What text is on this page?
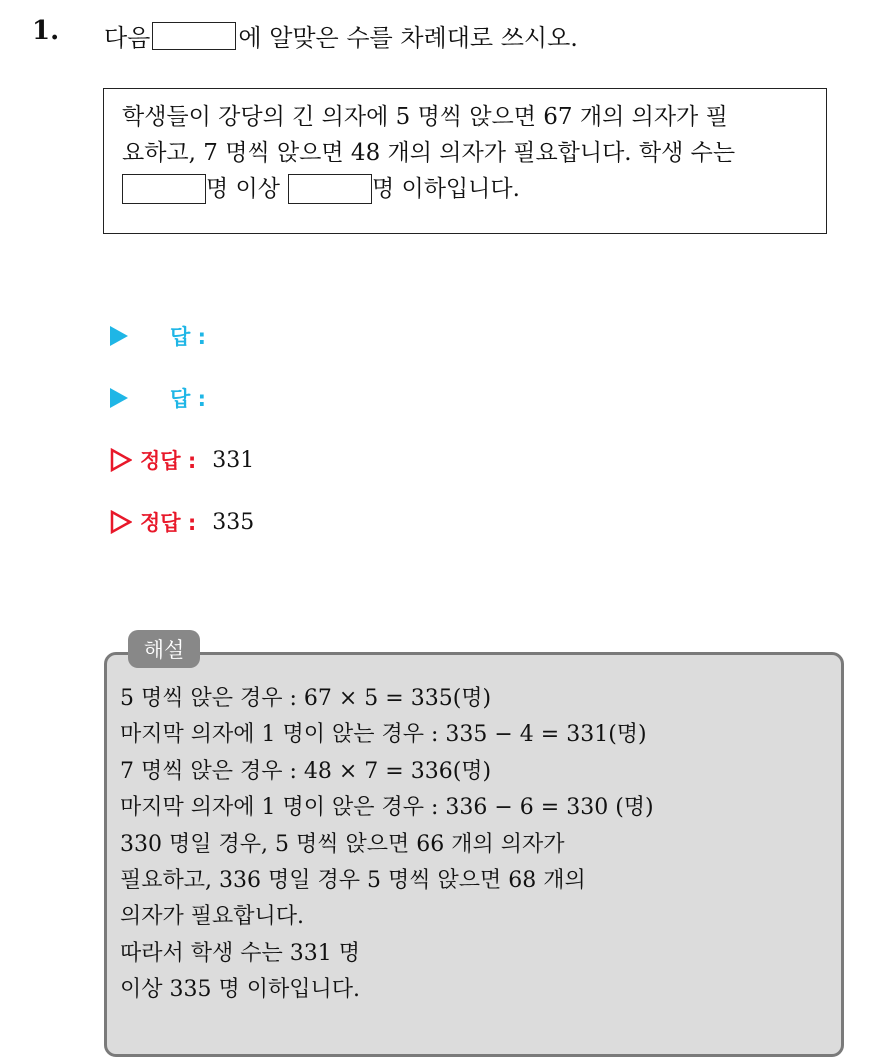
1. 다음	에 알맞은 수를 차례대로 쓰시오.
학생들이 강당의 긴 의자에 5 명씩 앉으면 67 개의 의자가 필
요하고, 7 명씩 앉으면 48 개의 의자가 필요합니다. 학생 수는
명 이상	명 이하입니다.
답 :
답 :
정답 : 331
정답 : 335
해설
5 명씩 앉은 경우 : 67 × 5 = 335(명)
마지막 의자에 1 명이 앉는 경우 : 335 − 4 = 331(명)
7 명씩 앉은 경우 : 48 × 7 = 336(명)
마지막 의자에 1 명이 앉은 경우 : 336 − 6 = 330 (명)
330 명일 경우, 5 명씩 앉으면 66 개의 의자가
필요하고, 336 명일 경우 5 명씩 앉으면 68 개의
의자가 필요합니다.
따라서 학생 수는 331 명
이상 335 명 이하입니다.
